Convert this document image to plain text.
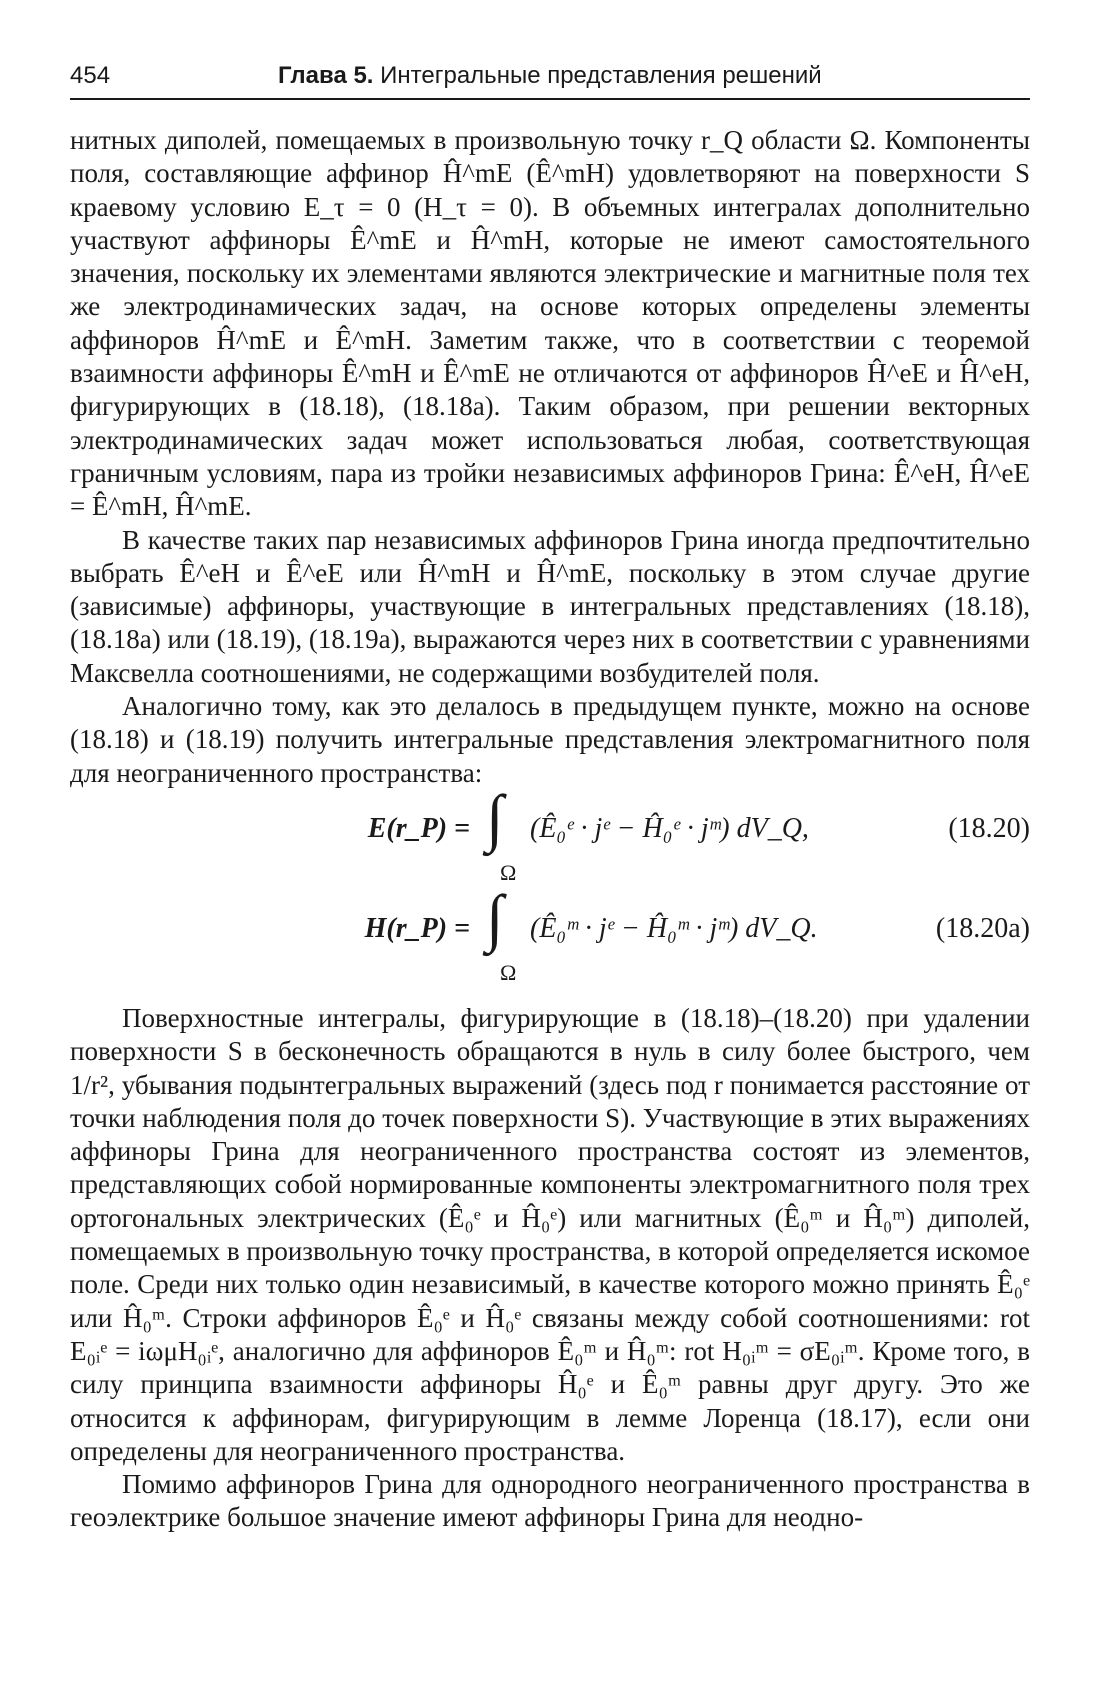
454	Глава 5. Интегральные представления решений

нитных диполей, помещаемых в произвольную точку r_Q области Ω. Компоненты поля, составляющие аффинор Ĥ^mE (Ê^mH) удовлетворяют на поверхности S краевому условию E_τ = 0 (H_τ = 0). В объемных интегралах дополнительно участвуют аффиноры Ê^mE и Ĥ^mH, которые не имеют самостоятельного значения, поскольку их элементами являются электрические и магнитные поля тех же электродинамических задач, на основе которых определены элементы аффиноров Ĥ^mE и Ê^mH. Заметим также, что в соответствии с теоремой взаимности аффиноры Ê^mH и Ê^mE не отличаются от аффиноров Ĥ^eE и Ĥ^eH, фигурирующих в (18.18), (18.18а). Таким образом, при решении векторных электродинамических задач может использоваться любая, соответствующая граничным условиям, пара из тройки независимых аффиноров Грина: Ê^eH, Ĥ^eE = Ê^mH, Ĥ^mE.

В качестве таких пар независимых аффиноров Грина иногда предпочтительно выбрать Ê^eH и Ê^eE или Ĥ^mH и Ĥ^mE, поскольку в этом случае другие (зависимые) аффиноры, участвующие в интегральных представлениях (18.18), (18.18а) или (18.19), (18.19а), выражаются через них в соответствии с уравнениями Максвелла соотношениями, не содержащими возбудителей поля.

Аналогично тому, как это делалось в предыдущем пункте, можно на основе (18.18) и (18.19) получить интегральные представления электромагнитного поля для неограниченного пространства:

E(r_P) = ∫
Ω
(Ê₀ᵉ · jᵉ − Ĥ₀ᵉ · jᵐ) dV_Q,	(18.20)
H(r_P) = ∫
Ω
(Ê₀ᵐ · jᵉ − Ĥ₀ᵐ · jᵐ) dV_Q.	(18.20а)

Поверхностные интегралы, фигурирующие в (18.18)–(18.20) при удалении поверхности S в бесконечность обращаются в нуль в силу более быстрого, чем 1/r², убывания подынтегральных выражений (здесь под r понимается расстояние от точки наблюдения поля до точек поверхности S). Участвующие в этих выражениях аффиноры Грина для неограниченного пространства состоят из элементов, представляющих собой нормированные компоненты электромагнитного поля трех ортогональных электрических (Ê₀ᵉ и Ĥ₀ᵉ) или магнитных (Ê₀ᵐ и Ĥ₀ᵐ) диполей, помещаемых в произвольную точку пространства, в которой определяется искомое поле. Среди них только один независимый, в качестве которого можно принять Ê₀ᵉ или Ĥ₀ᵐ. Строки аффиноров Ê₀ᵉ и Ĥ₀ᵉ связаны между собой соотношениями: rot E₀ᵢᵉ = iωμH₀ᵢᵉ, аналогично для аффиноров Ê₀ᵐ и Ĥ₀ᵐ: rot H₀ᵢᵐ = σE₀ᵢᵐ. Кроме того, в силу принципа взаимности аффиноры Ĥ₀ᵉ и Ê₀ᵐ равны друг другу. Это же относится к аффинорам, фигурирующим в лемме Лоренца (18.17), если они определены для неограниченного пространства.

Помимо аффиноров Грина для однородного неограниченного пространства в геоэлектрике большое значение имеют аффиноры Грина для неодно-
